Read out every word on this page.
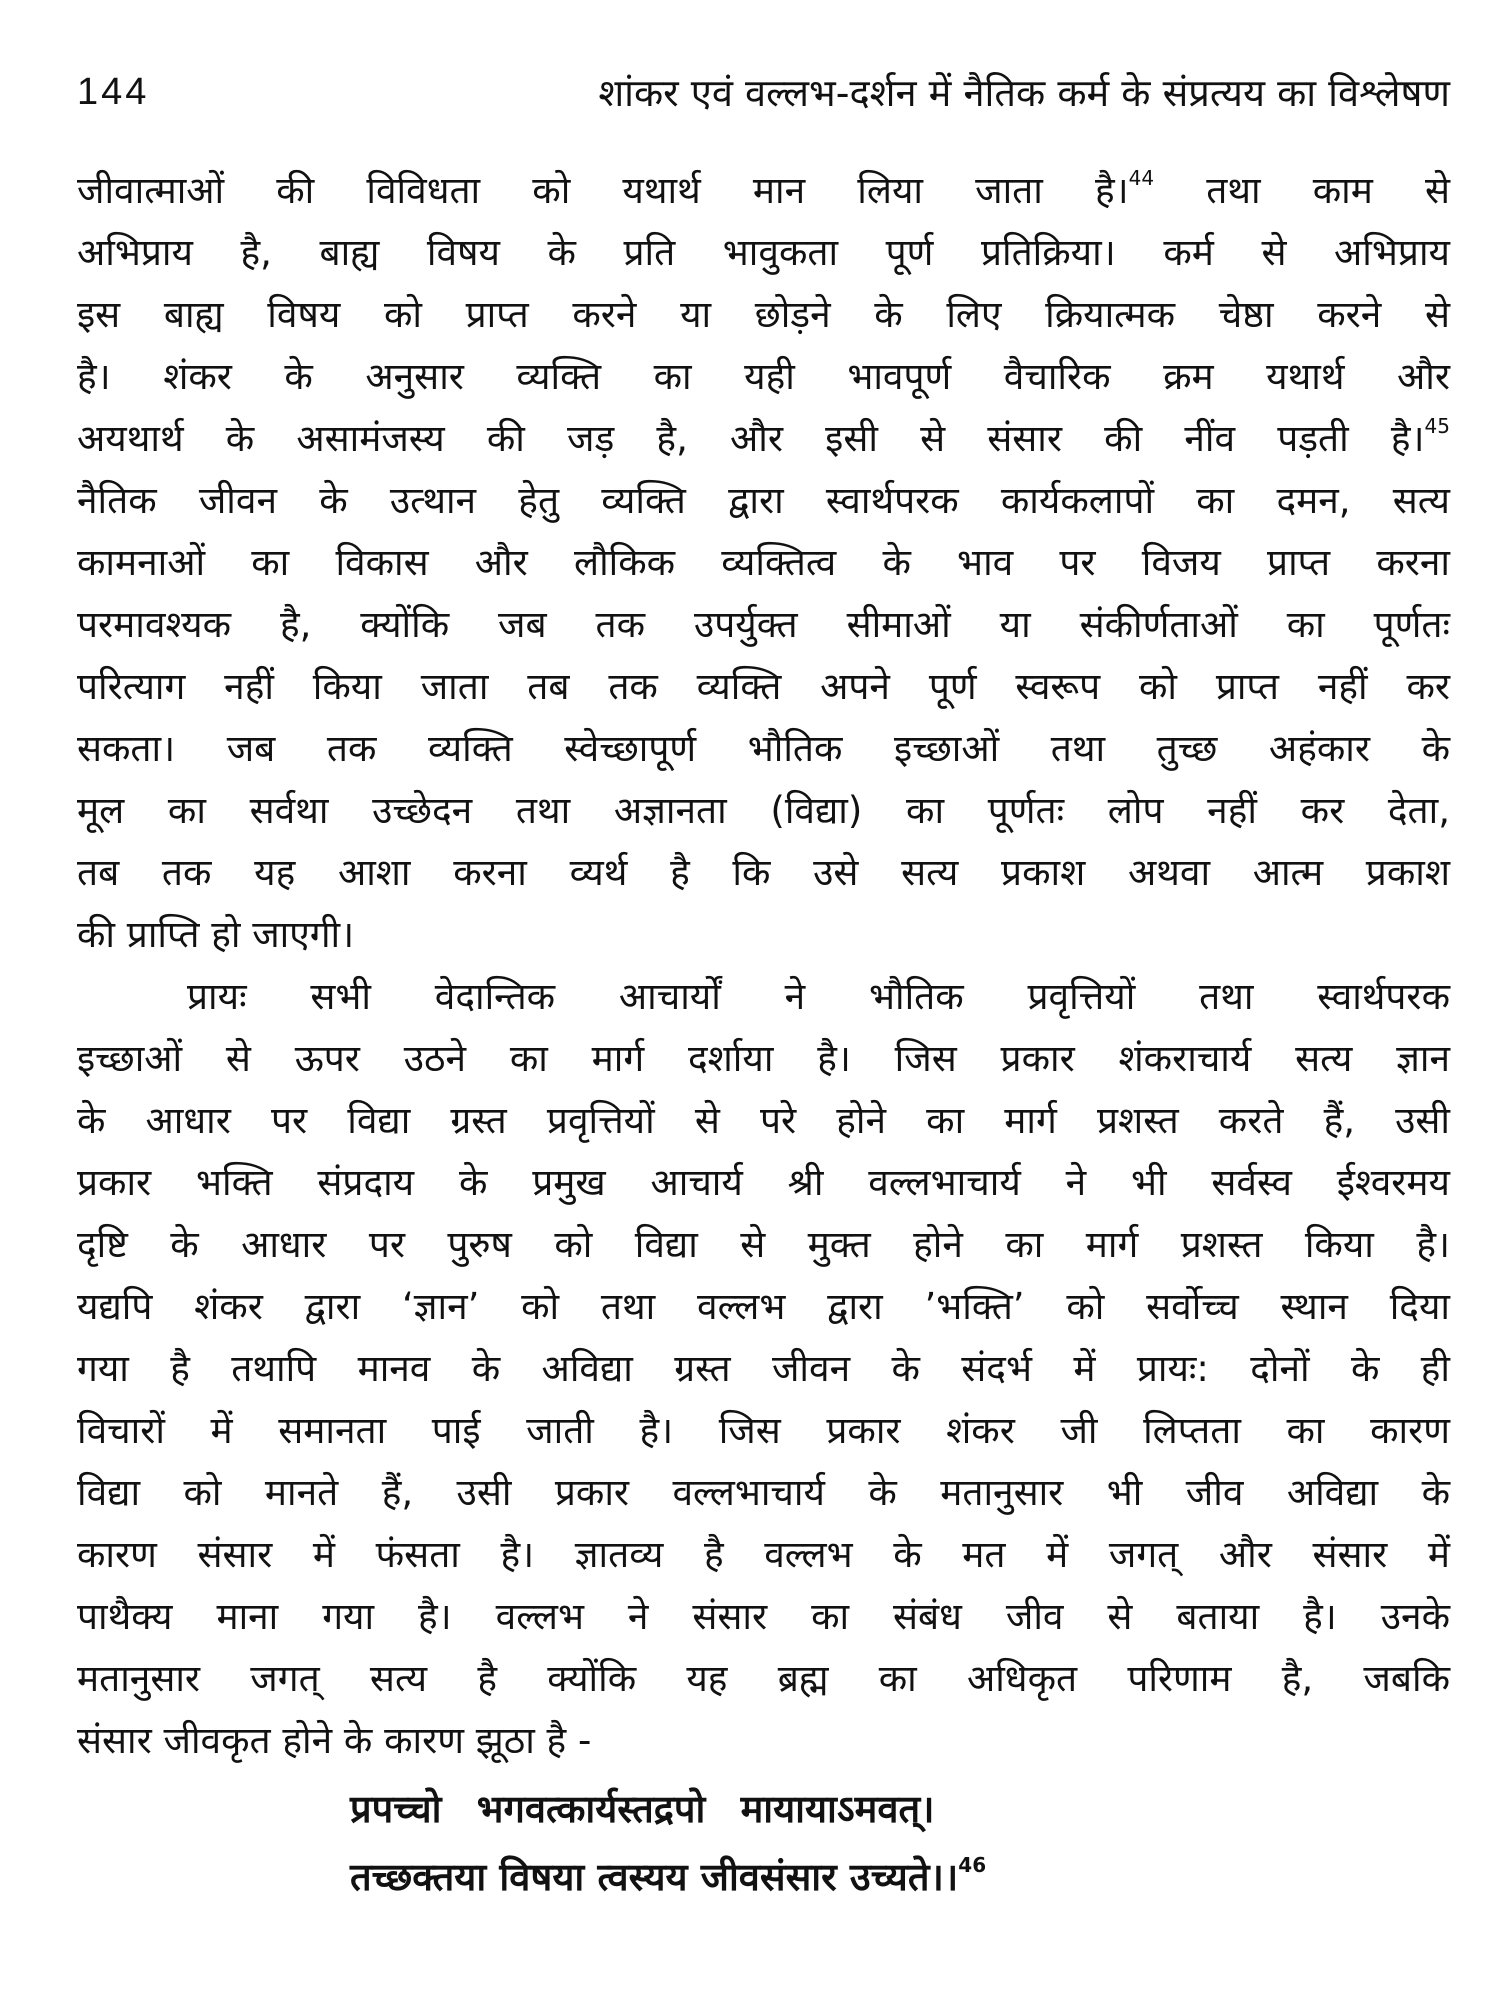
144	शांकर एवं वल्लभ-दर्शन में नैतिक कर्म के संप्रत्यय का विश्लेषण
जीवात्माओं की विविधता को यथार्थ मान लिया जाता है।$^{44}$ तथा काम से
अभिप्राय है, बाह्य विषय के प्रति भावुकता पूर्ण प्रतिक्रिया। कर्म से अभिप्राय
इस बाह्य विषय को प्राप्त करने या छोड़ने के लिए क्रियात्मक चेष्ठा करने से
है। शंकर के अनुसार व्यक्ति का यही भावपूर्ण वैचारिक क्रम यथार्थ और
अयथार्थ के असामंजस्य की जड़ है, और इसी से संसार की नींव पड़ती है।$^{45}$
नैतिक जीवन के उत्थान हेतु व्यक्ति द्वारा स्वार्थपरक कार्यकलापों का दमन, सत्य
कामनाओं का विकास और लौकिक व्यक्तित्व के भाव पर विजय प्राप्त करना
परमावश्यक है, क्योंकि जब तक उपर्युक्त सीमाओं या संकीर्णताओं का पूर्णतः
परित्याग नहीं किया जाता तब तक व्यक्ति अपने पूर्ण स्वरूप को प्राप्त नहीं कर
सकता। जब तक व्यक्ति स्वेच्छापूर्ण भौतिक इच्छाओं तथा तुच्छ अहंकार के
मूल का सर्वथा उच्छेदन तथा अज्ञानता (विद्या) का पूर्णतः लोप नहीं कर देता,
तब तक यह आशा करना व्यर्थ है कि उसे सत्य प्रकाश अथवा आत्म प्रकाश
की प्राप्ति हो जाएगी।
प्रायः सभी वेदान्तिक आचार्यों ने भौतिक प्रवृत्तियों तथा स्वार्थपरक
इच्छाओं से ऊपर उठने का मार्ग दर्शाया है। जिस प्रकार शंकराचार्य सत्य ज्ञान
के आधार पर विद्या ग्रस्त प्रवृत्तियों से परे होने का मार्ग प्रशस्त करते हैं, उसी
प्रकार भक्ति संप्रदाय के प्रमुख आचार्य श्री वल्लभाचार्य ने भी सर्वस्व ईश्वरमय
दृष्टि के आधार पर पुरुष को विद्या से मुक्त होने का मार्ग प्रशस्त किया है।
यद्यपि शंकर द्वारा ‘ज्ञान’ को तथा वल्लभ द्वारा ’भक्ति’ को सर्वोच्च स्थान दिया
गया है तथापि मानव के अविद्या ग्रस्त जीवन के संदर्भ में प्रायः: दोनों के ही
विचारों में समानता पाई जाती है। जिस प्रकार शंकर जी लिप्तता का कारण
विद्या को मानते हैं, उसी प्रकार वल्लभाचार्य के मतानुसार भी जीव अविद्या के
कारण संसार में फंसता है। ज्ञातव्य है वल्लभ के मत में जगत् और संसार में
पाथैक्य माना गया है। वल्लभ ने संसार का संबंध जीव से बताया है। उनके
मतानुसार जगत् सत्य है क्योंकि यह ब्रह्म का अधिकृत परिणाम है, जबकि
संसार जीवकृत होने के कारण झूठा है -
प्रपच्चो भगवत्कार्यस्तद्रपो मायायाऽमवत्।
तच्छक्तया विषया त्वस्यय जीवसंसार उच्यते।।$^{46}$
